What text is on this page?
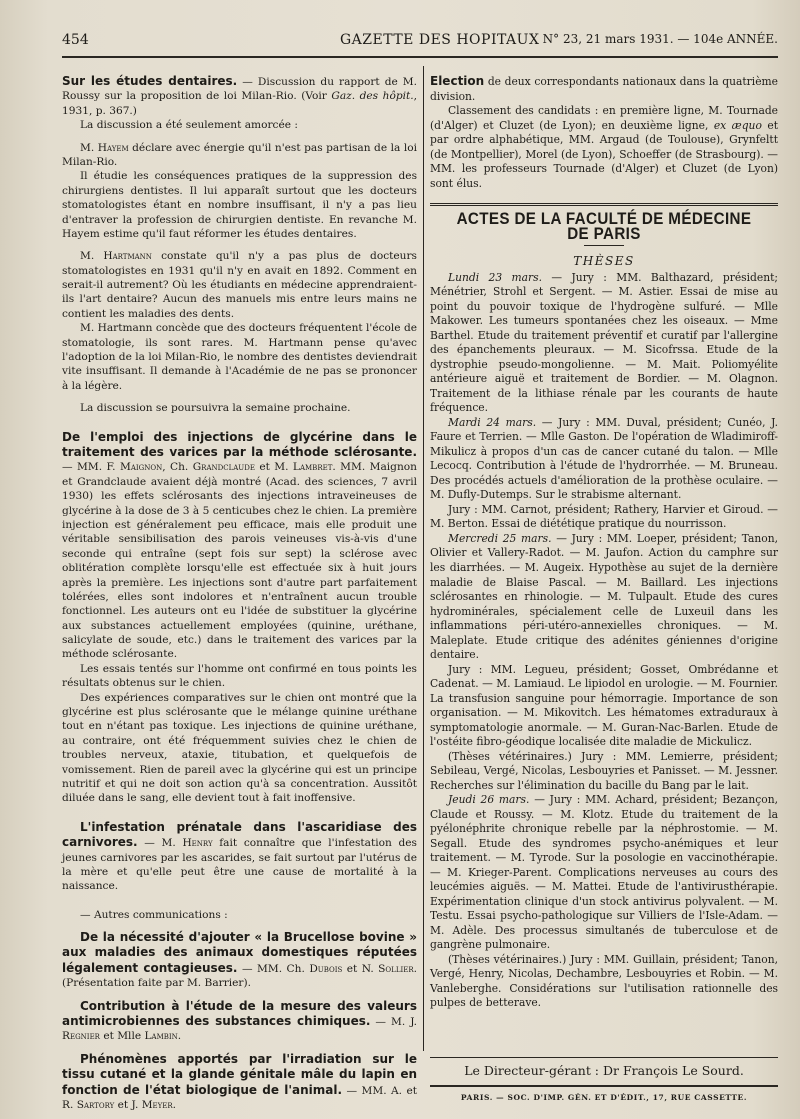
454	GAZETTE DES HOPITAUX N° 23, 21 mars 1931. — 104e ANNÉE.

Sur les études dentaires. — Discussion du rapport de M. Roussy sur la proposition de loi Milan-Rio. (Voir Gaz. des hôpit., 1931, p. 367.)

La discussion a été seulement amorcée :

M. Hayem déclare avec énergie qu'il n'est pas partisan de la loi Milan-Rio.

Il étudie les conséquences pratiques de la suppression des chirurgiens dentistes. Il lui apparaît surtout que les docteurs stomatologistes étant en nombre insuffisant, il n'y a pas lieu d'entraver la profession de chirurgien dentiste. En revanche M. Hayem estime qu'il faut réformer les études dentaires.

M. Hartmann constate qu'il n'y a pas plus de docteurs stomatologistes en 1931 qu'il n'y en avait en 1892. Comment en serait-il autrement? Où les étudiants en médecine apprendraient-ils l'art dentaire? Aucun des manuels mis entre leurs mains ne contient les maladies des dents.

M. Hartmann concède que des docteurs fréquentent l'école de stomatologie, ils sont rares. M. Hartmann pense qu'avec l'adoption de la loi Milan-Rio, le nombre des dentistes deviendrait vite insuffisant. Il demande à l'Académie de ne pas se prononcer à la légère.

La discussion se poursuivra la semaine prochaine.

De l'emploi des injections de glycérine dans le traitement des varices par la méthode sclérosante. — MM. F. Maignon, Ch. Grandclaude et M. Lambret. MM. Maignon et Grandclaude avaient déjà montré (Acad. des sciences, 7 avril 1930) les effets sclérosants des injections intraveineuses de glycérine à la dose de 3 à 5 centicubes chez le chien. La première injection est généralement peu efficace, mais elle produit une véritable sensibilisation des parois veineuses vis-à-vis d'une seconde qui entraîne (sept fois sur sept) la sclérose avec oblitération complète lorsqu'elle est effectuée six à huit jours après la première. Les injections sont d'autre part parfaitement tolérées, elles sont indolores et n'entraînent aucun trouble fonctionnel. Les auteurs ont eu l'idée de substituer la glycérine aux substances actuellement employées (quinine, uréthane, salicylate de soude, etc.) dans le traitement des varices par la méthode sclérosante.

Les essais tentés sur l'homme ont confirmé en tous points les résultats obtenus sur le chien.

Des expériences comparatives sur le chien ont montré que la glycérine est plus sclérosante que le mélange quinine uréthane tout en n'étant pas toxique. Les injections de quinine uréthane, au contraire, ont été fréquemment suivies chez le chien de troubles nerveux, ataxie, titubation, et quelquefois de vomissement. Rien de pareil avec la glycérine qui est un principe nutritif et qui ne doit son action qu'à sa concentration. Aussitôt diluée dans le sang, elle devient tout à fait inoffensive.

L'infestation prénatale dans l'ascaridiase des carnivores. — M. Henry fait connaître que l'infestation des jeunes carnivores par les ascarides, se fait surtout par l'utérus de la mère et qu'elle peut être une cause de mortalité à la naissance.

— Autres communications :

De la nécessité d'ajouter « la Brucellose bovine » aux maladies des animaux domestiques réputées légalement contagieuses. — MM. Ch. Dubois et N. Sollier. (Présentation faite par M. Barrier).

Contribution à l'étude de la mesure des valeurs antimicrobiennes des substances chimiques. — M. J. Regnier et Mlle Lambin.

Phénomènes apportés par l'irradiation sur le tissu cutané et la glande génitale mâle du lapin en fonction de l'état biologique de l'animal. — MM. A. et R. Sartory et J. Meyer.

Election de deux correspondants nationaux dans la quatrième division.

Classement des candidats : en première ligne, M. Tournade (d'Alger) et Cluzet (de Lyon); en deuxième ligne, ex æquo et par ordre alphabétique, MM. Argaud (de Toulouse), Grynfeltt (de Montpellier), Morel (de Lyon), Schoeffer (de Strasbourg). — MM. les professeurs Tournade (d'Alger) et Cluzet (de Lyon) sont élus.

ACTES DE LA FACULTÉ DE MÉDECINE DE PARIS
THÈSES

Lundi 23 mars. — Jury : MM. Balthazard, président; Ménétrier, Strohl et Sergent. — M. Astier. Essai de mise au point du pouvoir toxique de l'hydrogène sulfuré. — Mlle Makower. Les tumeurs spontanées chez les oiseaux. — Mme Barthel. Etude du traitement préventif et curatif par l'allergine des épanchements pleuraux. — M. Sicofrssa. Etude de la dystrophie pseudo-mongolienne. — M. Mait. Poliomyélite antérieure aiguë et traitement de Bordier. — M. Olagnon. Traitement de la lithiase rénale par les courants de haute fréquence.

Mardi 24 mars. — Jury : MM. Duval, président; Cunéo, J. Faure et Terrien. — Mlle Gaston. De l'opération de Wladimiroff-Mikulicz à propos d'un cas de cancer cutané du talon. — Mlle Lecocq. Contribution à l'étude de l'hydrorrhée. — M. Bruneau. Des procédés actuels d'amélioration de la prothèse oculaire. — M. Dufly-Dutemps. Sur le strabisme alternant.

Jury : MM. Carnot, président; Rathery, Harvier et Giroud. — M. Berton. Essai de diététique pratique du nourrisson.

Mercredi 25 mars. — Jury : MM. Loeper, président; Tanon, Olivier et Vallery-Radot. — M. Jaufon. Action du camphre sur les diarrhées. — M. Augeix. Hypothèse au sujet de la dernière maladie de Blaise Pascal. — M. Baillard. Les injections sclérosantes en rhinologie. — M. Tulpault. Etude des cures hydrominérales, spécialement celle de Luxeuil dans les inflammations péri-utéro-annexielles chroniques. — M. Maleplate. Etude critique des adénites géniennes d'origine dentaire.

Jury : MM. Legueu, président; Gosset, Ombrédanne et Cadenat. — M. Lamiaud. Le lipiodol en urologie. — M. Fournier. La transfusion sanguine pour hémorragie. Importance de son organisation. — M. Mikovitch. Les hématomes extraduraux à symptomatologie anormale. — M. Guran-Nac-Barlen. Etude de l'ostéite fibro-géodique localisée dite maladie de Mickulicz.

(Thèses vétérinaires.) Jury : MM. Lemierre, président; Sebileau, Vergé, Nicolas, Lesbouyries et Panisset. — M. Jessner. Recherches sur l'élimination du bacille du Bang par le lait.

Jeudi 26 mars. — Jury : MM. Achard, président; Bezançon, Claude et Roussy. — M. Klotz. Etude du traitement de la pyélonéphrite chronique rebelle par la néphrostomie. — M. Segall. Etude des syndromes psycho-anémiques et leur traitement. — M. Tyrode. Sur la posologie en vaccinothérapie. — M. Krieger-Parent. Complications nerveuses au cours des leucémies aiguës. — M. Mattei. Etude de l'antivirusthérapie. Expérimentation clinique d'un stock antivirus polyvalent. — M. Testu. Essai psycho-pathologique sur Villiers de l'Isle-Adam. — M. Adèle. Des processus simultanés de tuberculose et de gangrène pulmonaire.

(Thèses vétérinaires.) Jury : MM. Guillain, président; Tanon, Vergé, Henry, Nicolas, Dechambre, Lesbouyries et Robin. — M. Vanleberghe. Considérations sur l'utilisation rationnelle des pulpes de betterave.

Le Directeur-gérant : Dr François Le Sourd.
PARIS. — SOC. D'IMP. GÉN. ET D'ÉDIT., 17, RUE CASSETTE.
